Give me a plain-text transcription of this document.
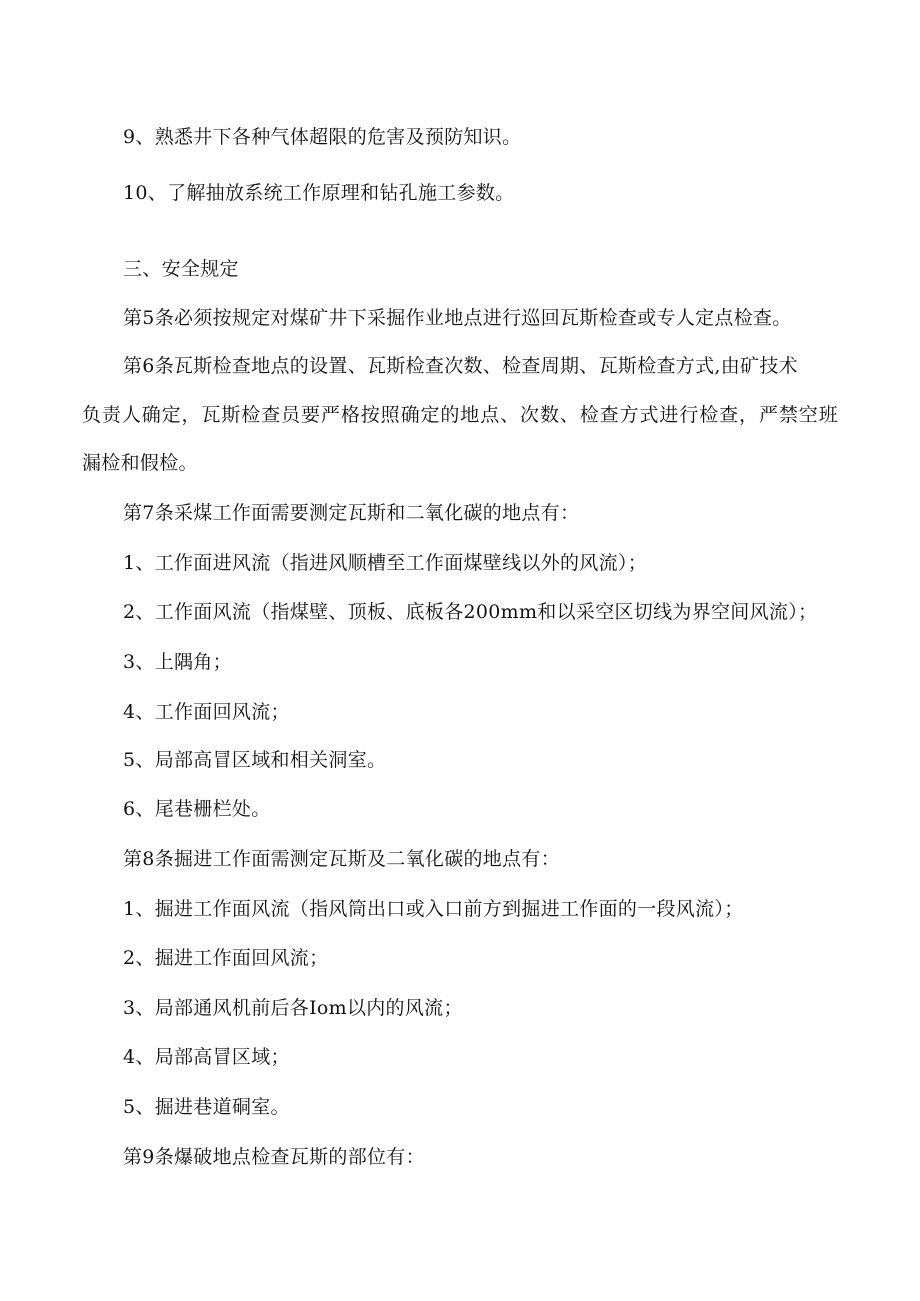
9、熟悉井下各种气体超限的危害及预防知识。
10、了解抽放系统工作原理和钻孔施工参数。
三、安全规定
第5条必须按规定对煤矿井下采掘作业地点进行巡回瓦斯检查或专人定点检查。
第6条瓦斯检查地点的设置、瓦斯检查次数、检查周期、瓦斯检查方式,由矿技术
负责人确定，瓦斯检查员要严格按照确定的地点、次数、检查方式进行检查，严禁空班
漏检和假检。
第7条采煤工作面需要测定瓦斯和二氧化碳的地点有：
1、工作面进风流（指进风顺槽至工作面煤壁线以外的风流）；
2、工作面风流（指煤壁、顶板、底板各200mm和以采空区切线为界空间风流）；
3、上隅角；
4、工作面回风流；
5、局部高冒区域和相关洞室。
6、尾巷栅栏处。
第8条掘进工作面需测定瓦斯及二氧化碳的地点有：
1、掘进工作面风流（指风筒出口或入口前方到掘进工作面的一段风流）；
2、掘进工作面回风流；
3、局部通风机前后各Iom以内的风流；
4、局部高冒区域；
5、掘进巷道硐室。
第9条爆破地点检查瓦斯的部位有：
